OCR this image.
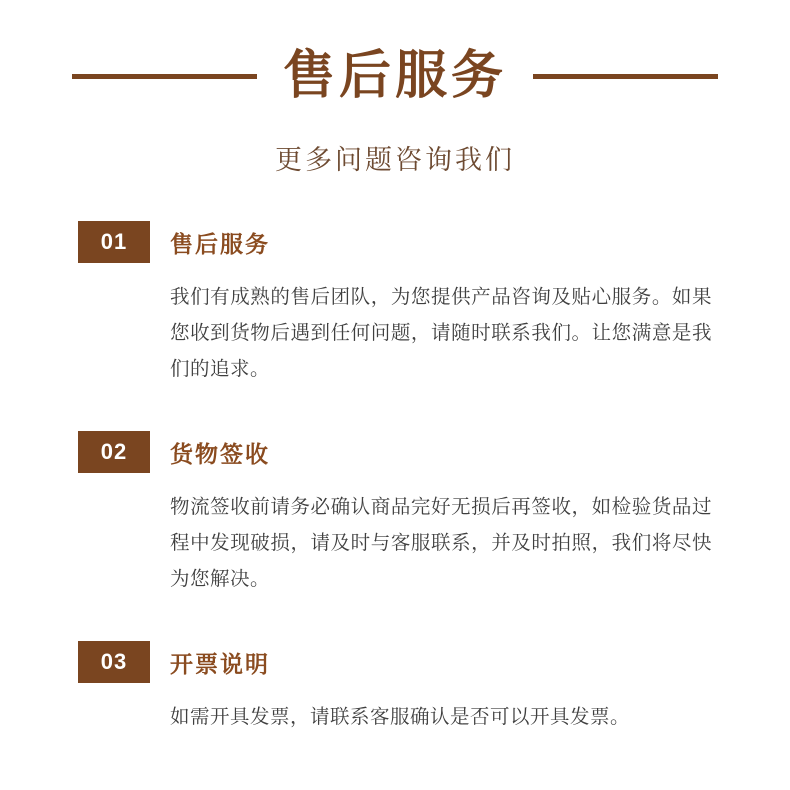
售后服务
更多问题咨询我们
01	售后服务
我们有成熟的售后团队，为您提供产品咨询及贴心服务。如果您收到货物后遇到任何问题，请随时联系我们。让您满意是我们的追求。
02	货物签收
物流签收前请务必确认商品完好无损后再签收，如检验货品过程中发现破损，请及时与客服联系，并及时拍照，我们将尽快为您解决。
03	开票说明
如需开具发票，请联系客服确认是否可以开具发票。
